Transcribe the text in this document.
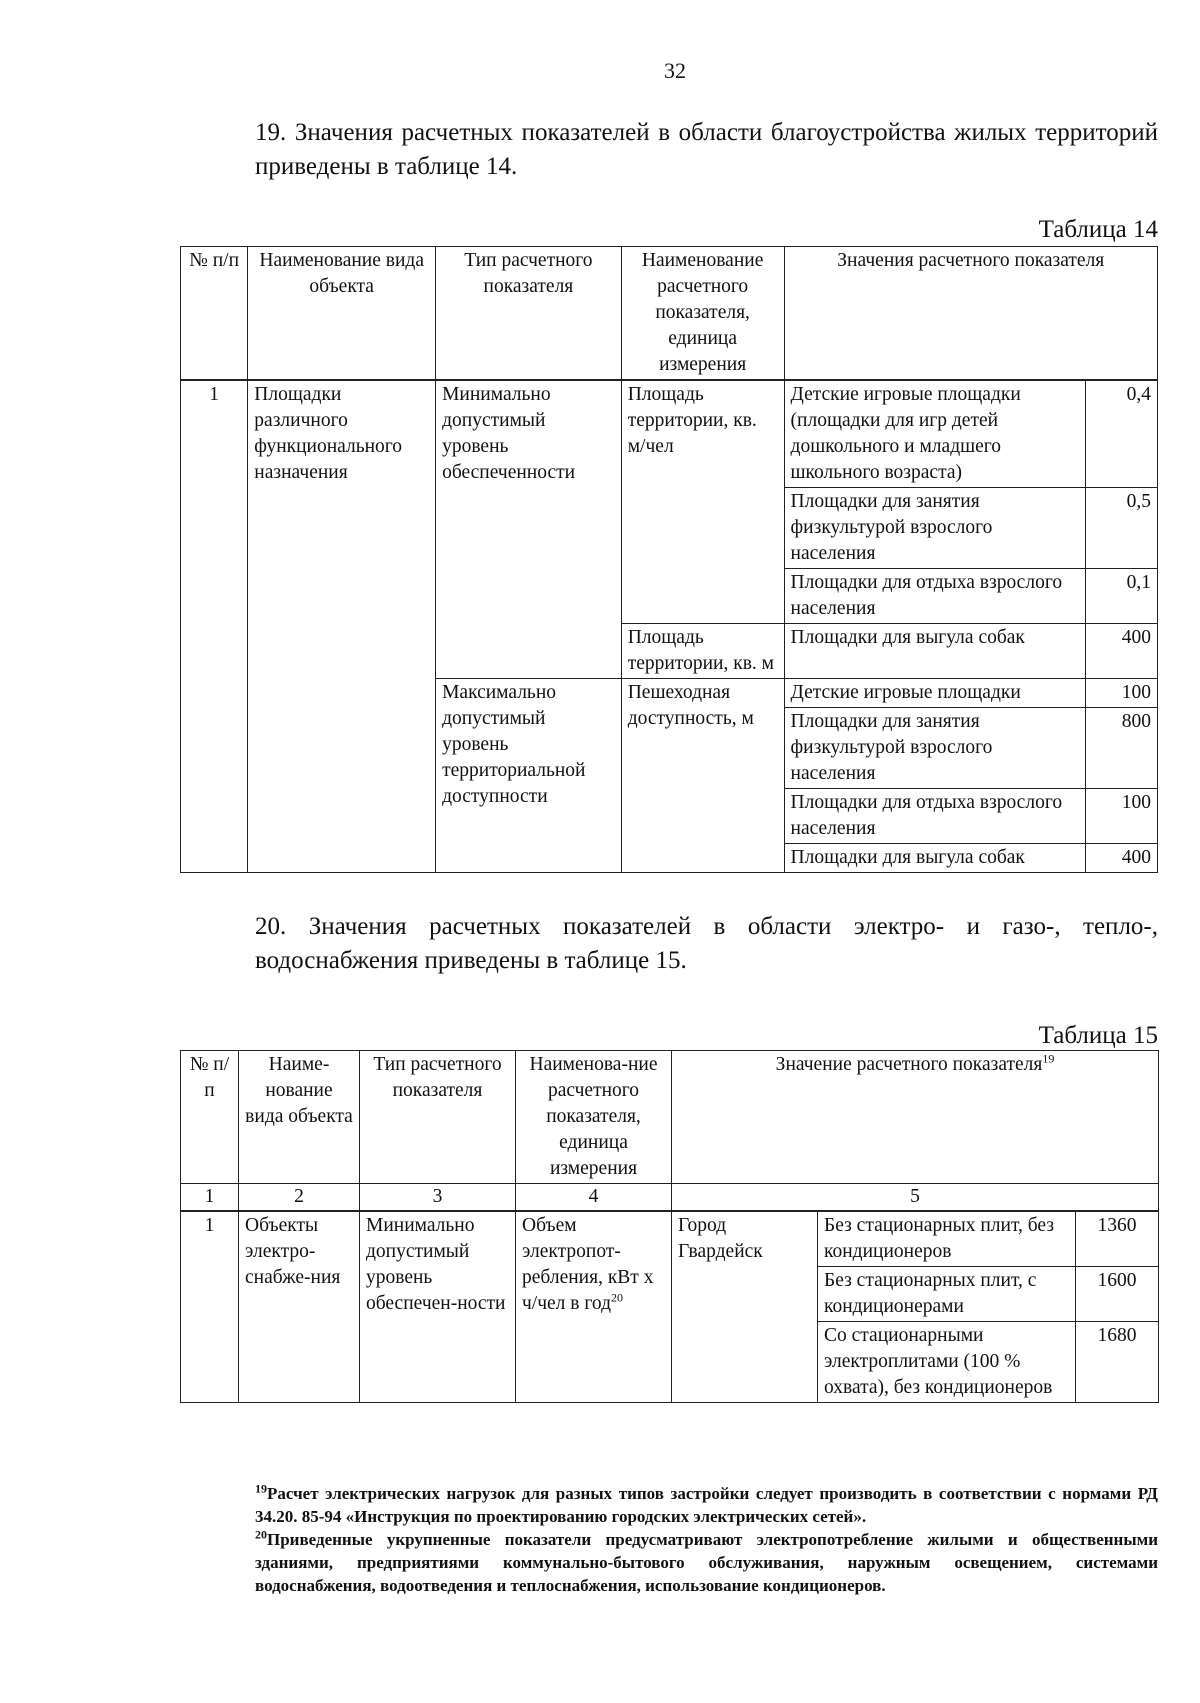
32
19. Значения расчетных показателей в области благоустройства жилых территорий приведены в таблице 14.
Таблица 14
№ п/п	Наименование вида объекта	Тип расчетного показателя	Наименование расчетного показателя, единица измерения	Значения расчетного показателя	
1	Площадки различного функционального назначения	Минимально допустимый уровень обеспеченности	Площадь территории, кв. м/чел	Детские игровые площадки (площадки для игр детей дошкольного и младшего школьного возраста)	0,4
				Площадки для занятия физкультурой взрослого населения	0,5
				Площадки для отдыха взрослого населения	0,1
			Площадь территории, кв. м	Площадки для выгула собак	400
		Максимально допустимый уровень территориальной доступности	Пешеходная доступность, м	Детские игровые площадки	100
				Площадки для занятия физкультурой взрослого населения	800
				Площадки для отдыха взрослого населения	100
				Площадки для выгула собак	400
20. Значения расчетных показателей в области электро- и газо-, тепло-, водоснабжения приведены в таблице 15.
Таблица 15
№ п/п	Наиме-нование вида объекта	Тип расчетного показателя	Наименова-ние расчетного показателя, единица измерения	Значение расчетного показателя$^{19}$
1	2	3	4	5		
1	Объекты электро-снабже-ния	Минимально допустимый уровень обеспечен-ности	Объем электропот-ребления, кВт х ч/чел в год$^{20}$	Город Гвардейск	Без стационарных плит, без кондиционеров	1360
					Без стационарных плит, с кондиционерами	1600
					Со стационарными электроплитами (100 % охвата), без кондиционеров	1680

$^{19}$Расчет электрических нагрузок для разных типов застройки следует производить в соответствии с нормами РД 34.20. 85-94 «Инструкция по проектированию городских электрических сетей».

$^{20}$Приведенные укрупненные показатели предусматривают электропотребление жилыми и общественными зданиями, предприятиями коммунально-бытового обслуживания, наружным освещением, системами водоснабжения, водоотведения и теплоснабжения, использование кондиционеров.
